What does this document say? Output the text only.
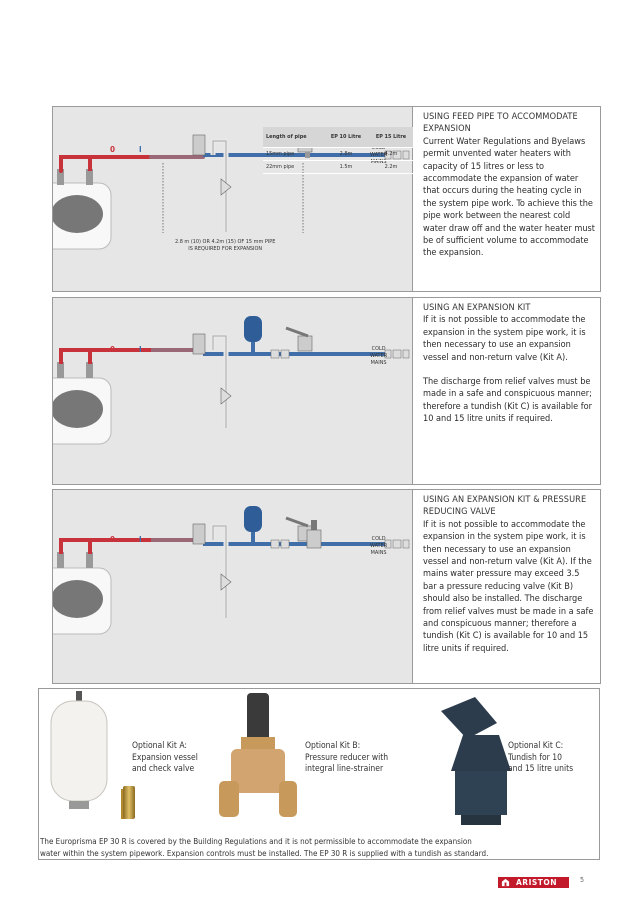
0	I	COLD
WATER
MAINS
2.8 m (10) OR 4.2m (15) OF 15 mm PIPE
IS REQUIRED FOR EXPANSION

USING FEED PIPE TO ACCOMMODATE EXPANSION

Current Water Regulations and Byelaws permit unvented water heaters with capacity of 15 litres or less to accommodate the expansion of water that occurs during the heating cycle in the system pipe work. To achieve this the pipe work between the nearest cold water draw off and the water heater must be of sufficient volume to accommodate the expansion.

Length of pipe	EP 10 Litre	EP 15 Litre
15mm pipe	2.8m	4.2m
22mm pipe	1.5m	2.2m
0	I	COLD
WATER
MAINS

USING AN EXPANSION KIT

If it is not possible to accommodate the expansion in the system pipe work, it is then necessary to use an expansion vessel and non-return valve (Kit A).

The discharge from relief valves must be made in a safe and conspicuous manner; therefore a tundish (Kit C) is available for 10 and 15 litre units if required.

0	I	COLD
WATER
MAINS

USING AN EXPANSION KIT & PRESSURE REDUCING VALVE

If it is not possible to accommodate the expansion in the system pipe work, it is then necessary to use an expansion vessel and non-return valve (Kit A). If the mains water pressure may exceed 3.5 bar a pressure reducing valve (Kit B) should also be installed. The discharge from relief valves must be made in a safe and conspicuous manner; therefore a tundish (Kit C) is available for 10 and 15 litre units if required.

Optional Kit A:
Expansion vessel
and check valve
Optional Kit B:
Pressure reducer with
integral line-strainer
Optional Kit C:
Tundish for 10
and 15 litre units
The Europrisma EP 30 R is covered by the Building Regulations and it is not permissible to accommodate the expansion
water within the system pipework. Expansion controls must be installed. The EP 30 R is supplied with a tundish as standard.
ARISTON	5
